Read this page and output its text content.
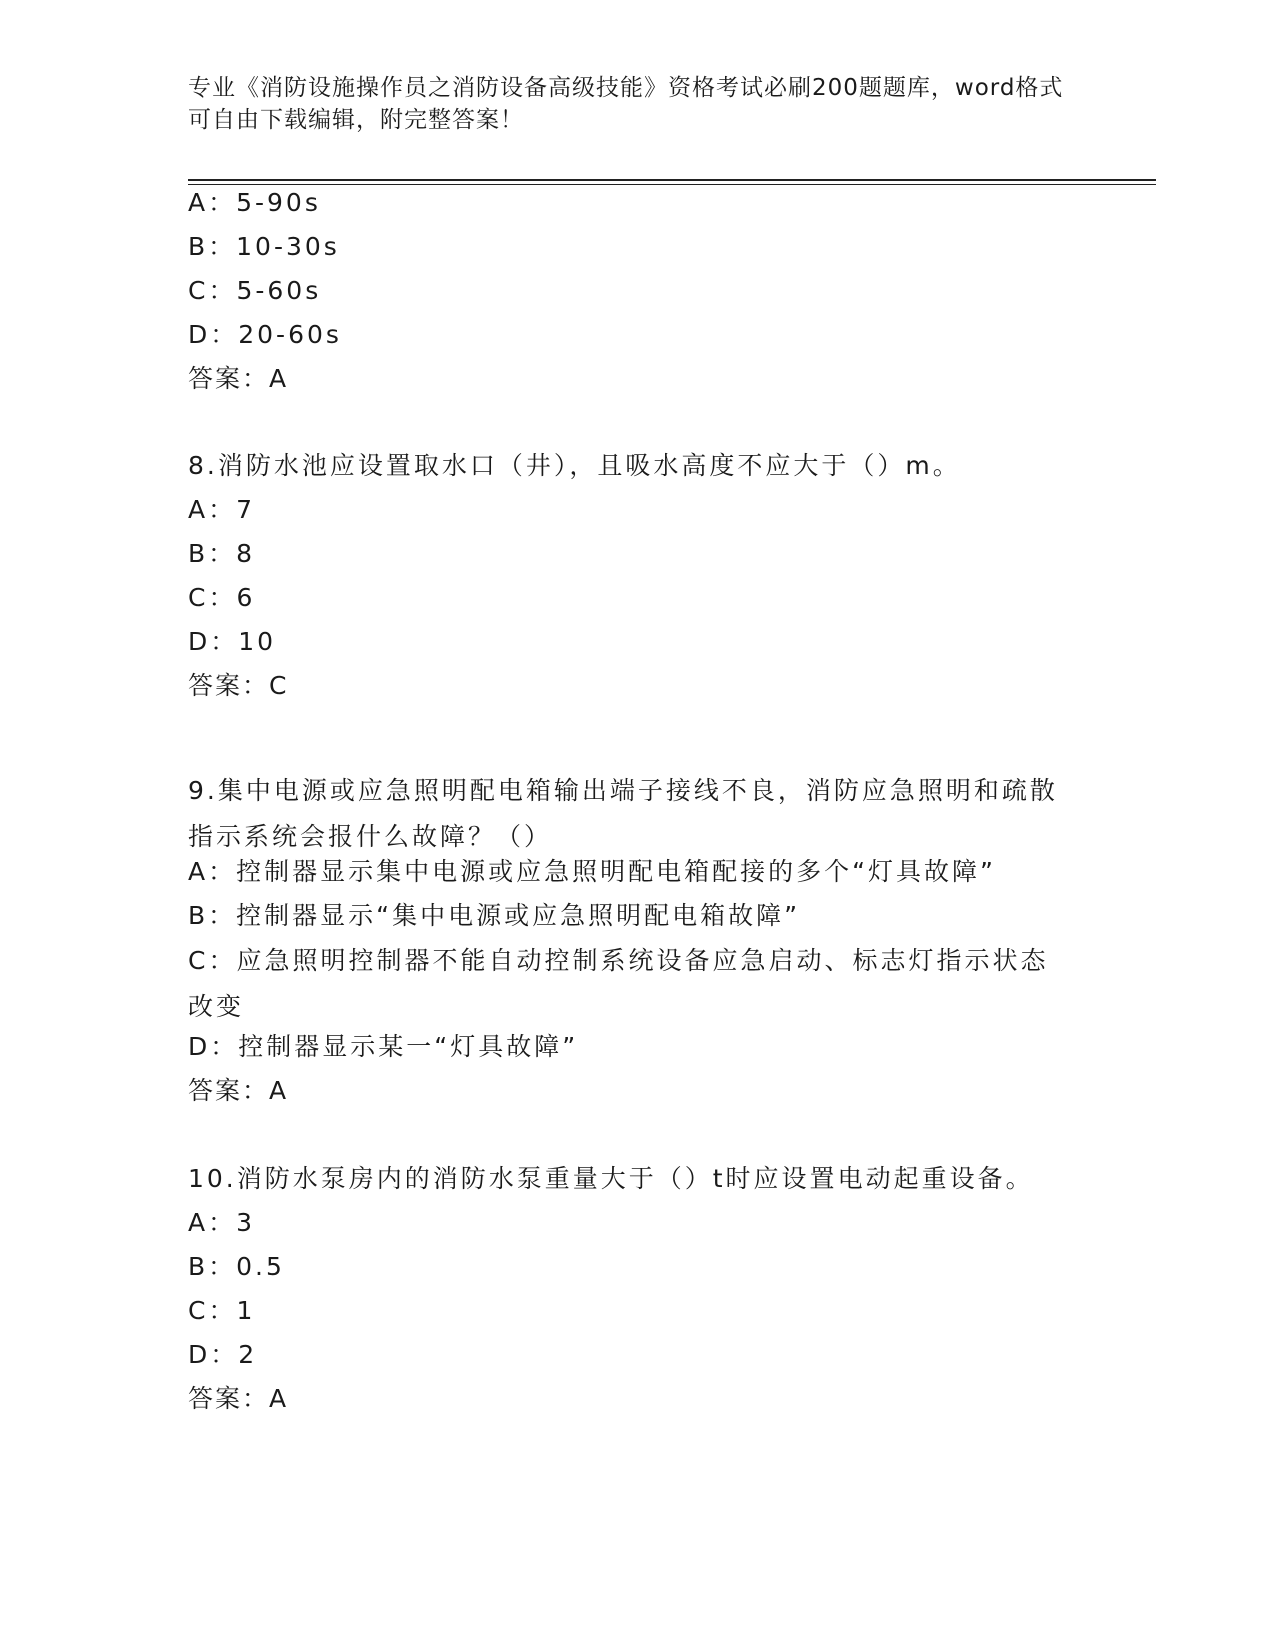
专业《消防设施操作员之消防设备高级技能》资格考试必刷200题题库，word格式可自由下载编辑，附完整答案！
A：5-90s
B：10-30s
C：5-60s
D：20-60s
答案：A
8.消防水池应设置取水口（井），且吸水高度不应大于（）m。
A：7
B：8
C：6
D：10
答案：C
9.集中电源或应急照明配电箱输出端子接线不良，消防应急照明和疏散指示系统会报什么故障？（）
A：控制器显示集中电源或应急照明配电箱配接的多个“灯具故障”
B：控制器显示“集中电源或应急照明配电箱故障”
C：应急照明控制器不能自动控制系统设备应急启动、标志灯指示状态改变
D：控制器显示某一“灯具故障”
答案：A
10.消防水泵房内的消防水泵重量大于（）t时应设置电动起重设备。
A：3
B：0.5
C：1
D：2
答案：A
